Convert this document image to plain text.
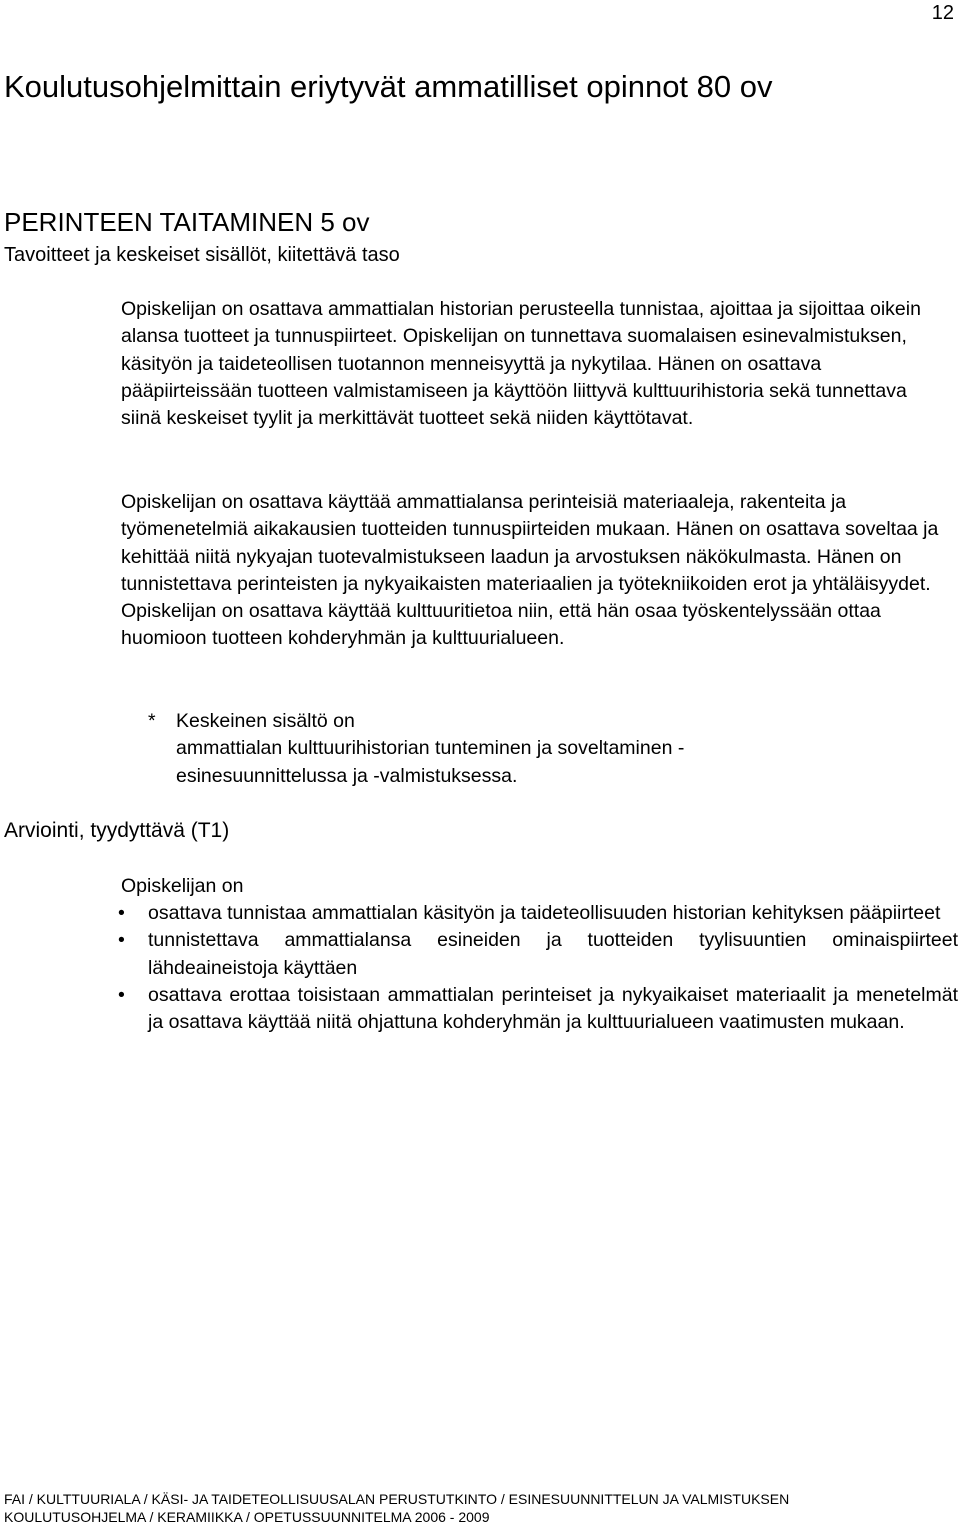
12
Koulutusohjelmittain eriytyvät ammatilliset opinnot 80 ov
PERINTEEN TAITAMINEN 5 ov
Tavoitteet ja keskeiset sisällöt, kiitettävä taso

Opiskelijan on osattava ammattialan historian perusteella tunnistaa, ajoittaa ja sijoittaa oikein alansa tuotteet ja tunnuspiirteet. Opiskelijan on tunnettava suomalaisen esinevalmistuksen, käsityön ja taideteollisen tuotannon menneisyyttä ja nykytilaa. Hänen on osattava pääpiirteissään tuotteen valmistamiseen ja käyttöön liittyvä kulttuurihistoria sekä tunnettava siinä keskeiset tyylit ja merkittävät tuotteet sekä niiden käyttötavat.

Opiskelijan on osattava käyttää ammattialansa perinteisiä materiaaleja, rakenteita ja työmenetelmiä aikakausien tuotteiden tunnuspiirteiden mukaan. Hänen on osattava soveltaa ja kehittää niitä nykyajan tuotevalmistukseen laadun ja arvostuksen näkökulmasta. Hänen on tunnistettava perinteisten ja nykyaikaisten materiaalien ja työtekniikoiden erot ja yhtäläisyydet. Opiskelijan on osattava käyttää kulttuuritietoa niin, että hän osaa työskentelyssään ottaa huomioon tuotteen kohderyhmän ja kulttuurialueen.

* Keskeinen sisältö on
ammattialan kulttuurihistorian tunteminen ja soveltaminen - esinesuunnittelussa ja -valmistuksessa.
Arviointi, tyydyttävä (T1)
Opiskelijan on
• osattava tunnistaa ammattialan käsityön ja taideteollisuuden historian kehityksen pääpiirteet
• tunnistettava ammattialansa esineiden ja tuotteiden tyylisuuntien ominaispiirteet lähdeaineistoja käyttäen
• osattava erottaa toisistaan ammattialan perinteiset ja nykyaikaiset materiaalit ja menetelmät ja osattava käyttää niitä ohjattuna kohderyhmän ja kulttuurialueen vaatimusten mukaan.
FAI / KULTTUURIALA / KÄSI- JA TAIDETEOLLISUUSALAN PERUSTUTKINTO / ESINESUUNNITTELUN JA VALMISTUKSEN
KOULUTUSOHJELMA / KERAMIIKKA / OPETUSSUUNNITELMA 2006 - 2009
